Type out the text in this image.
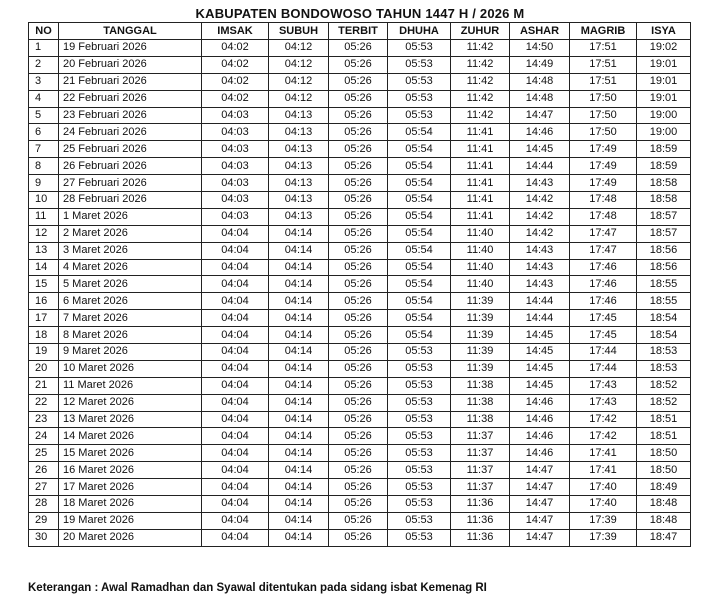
KABUPATEN BONDOWOSO TAHUN 1447 H / 2026 M
NO	TANGGAL	IMSAK	SUBUH	TERBIT	DHUHA	ZUHUR	ASHAR	MAGRIB	ISYA
1	19 Februari 2026	04:02	04:12	05:26	05:53	11:42	14:50	17:51	19:02
2	20 Februari 2026	04:02	04:12	05:26	05:53	11:42	14:49	17:51	19:01
3	21 Februari 2026	04:02	04:12	05:26	05:53	11:42	14:48	17:51	19:01
4	22 Februari 2026	04:02	04:12	05:26	05:53	11:42	14:48	17:50	19:01
5	23 Februari 2026	04:03	04:13	05:26	05:53	11:42	14:47	17:50	19:00
6	24 Februari 2026	04:03	04:13	05:26	05:54	11:41	14:46	17:50	19:00
7	25 Februari 2026	04:03	04:13	05:26	05:54	11:41	14:45	17:49	18:59
8	26 Februari 2026	04:03	04:13	05:26	05:54	11:41	14:44	17:49	18:59
9	27 Februari 2026	04:03	04:13	05:26	05:54	11:41	14:43	17:49	18:58
10	28 Februari 2026	04:03	04:13	05:26	05:54	11:41	14:42	17:48	18:58
11	1 Maret 2026	04:03	04:13	05:26	05:54	11:41	14:42	17:48	18:57
12	2 Maret 2026	04:04	04:14	05:26	05:54	11:40	14:42	17:47	18:57
13	3 Maret 2026	04:04	04:14	05:26	05:54	11:40	14:43	17:47	18:56
14	4 Maret 2026	04:04	04:14	05:26	05:54	11:40	14:43	17:46	18:56
15	5 Maret 2026	04:04	04:14	05:26	05:54	11:40	14:43	17:46	18:55
16	6 Maret 2026	04:04	04:14	05:26	05:54	11:39	14:44	17:46	18:55
17	7 Maret 2026	04:04	04:14	05:26	05:54	11:39	14:44	17:45	18:54
18	8 Maret 2026	04:04	04:14	05:26	05:54	11:39	14:45	17:45	18:54
19	9 Maret 2026	04:04	04:14	05:26	05:53	11:39	14:45	17:44	18:53
20	10 Maret 2026	04:04	04:14	05:26	05:53	11:39	14:45	17:44	18:53
21	11 Maret 2026	04:04	04:14	05:26	05:53	11:38	14:45	17:43	18:52
22	12 Maret 2026	04:04	04:14	05:26	05:53	11:38	14:46	17:43	18:52
23	13 Maret 2026	04:04	04:14	05:26	05:53	11:38	14:46	17:42	18:51
24	14 Maret 2026	04:04	04:14	05:26	05:53	11:37	14:46	17:42	18:51
25	15 Maret 2026	04:04	04:14	05:26	05:53	11:37	14:46	17:41	18:50
26	16 Maret 2026	04:04	04:14	05:26	05:53	11:37	14:47	17:41	18:50
27	17 Maret 2026	04:04	04:14	05:26	05:53	11:37	14:47	17:40	18:49
28	18 Maret 2026	04:04	04:14	05:26	05:53	11:36	14:47	17:40	18:48
29	19 Maret 2026	04:04	04:14	05:26	05:53	11:36	14:47	17:39	18:48
30	20 Maret 2026	04:04	04:14	05:26	05:53	11:36	14:47	17:39	18:47
Keterangan : Awal Ramadhan dan Syawal ditentukan pada sidang isbat Kemenag RI
